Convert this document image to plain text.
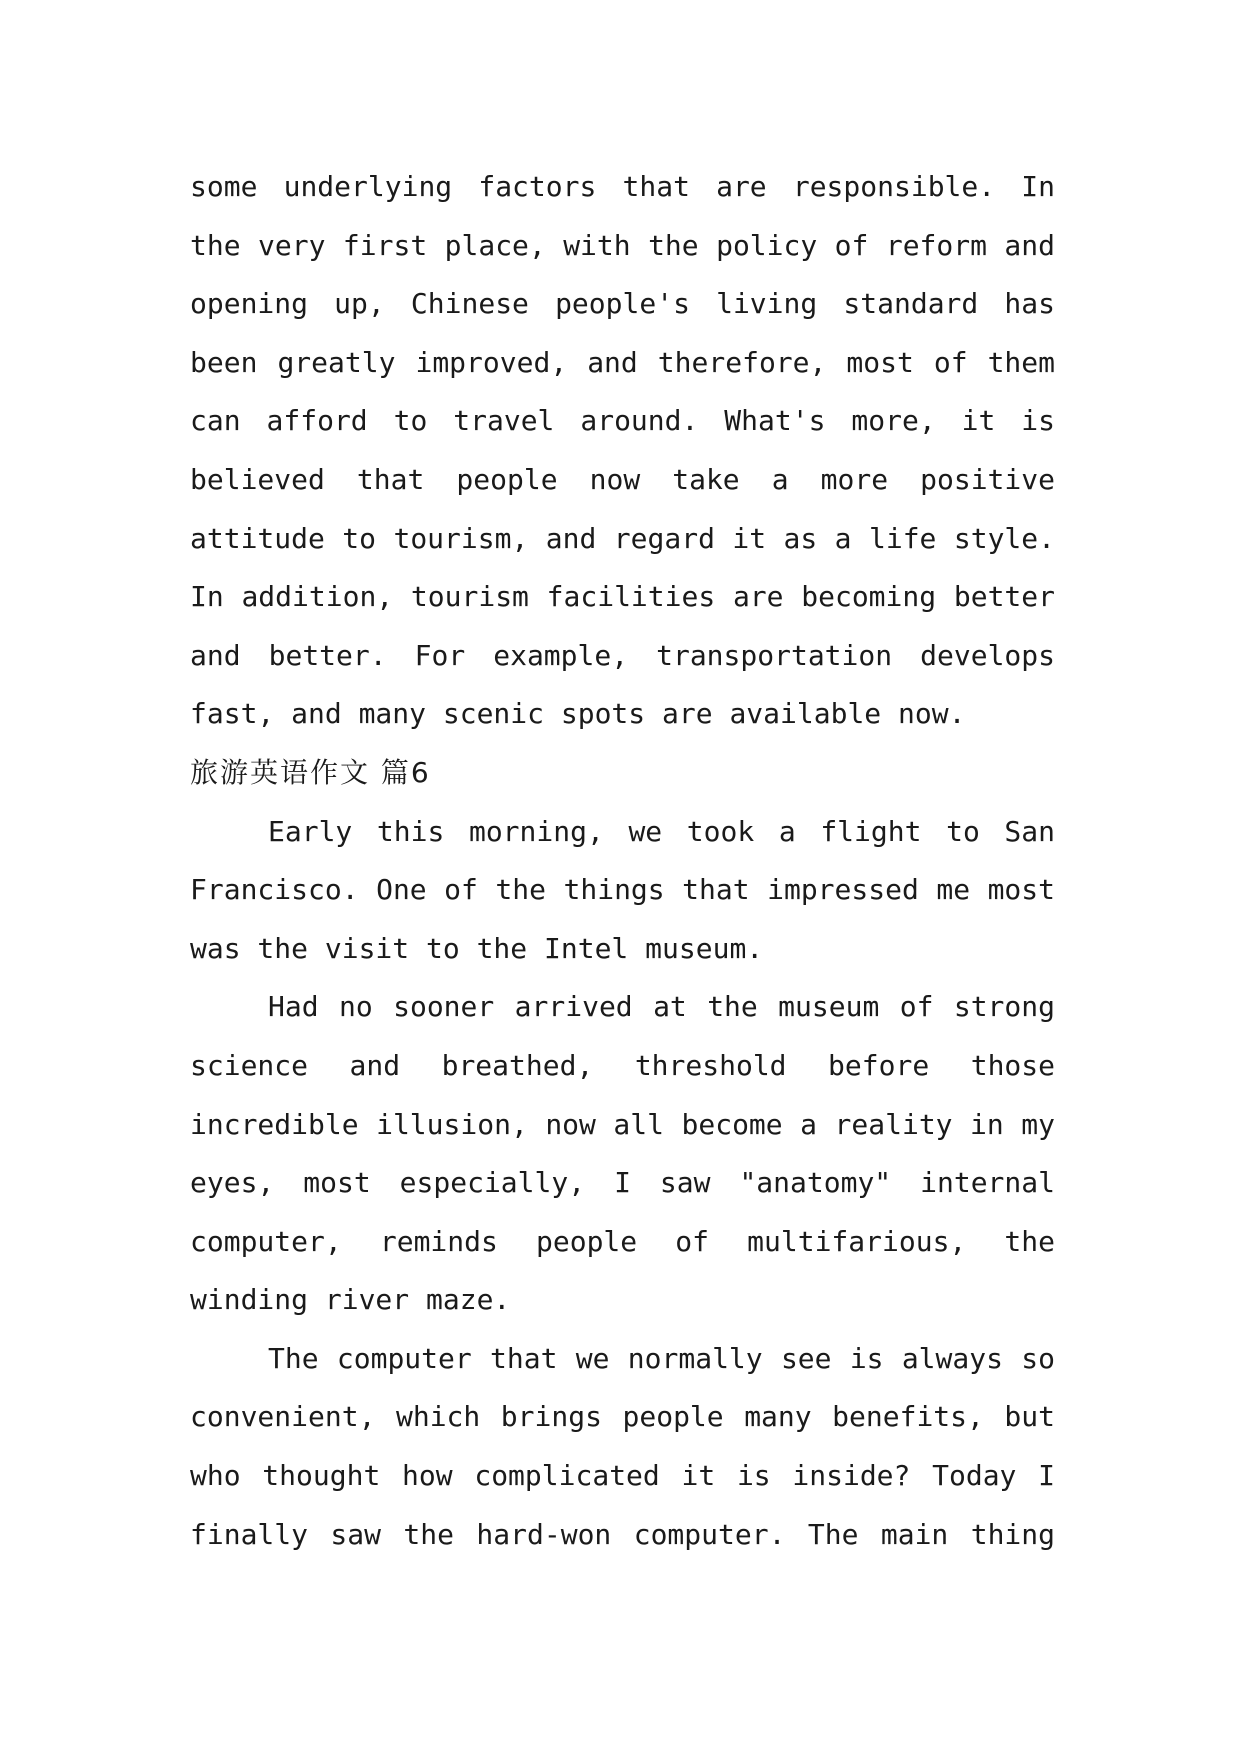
some underlying factors that are responsible. In
the very first place, with the policy of reform and
opening up, Chinese people's living standard has
been greatly improved, and therefore, most of them
can afford to travel around. What's more, it is
believed that people now take a more positive
attitude to tourism, and regard it as a life style.
In addition, tourism facilities are becoming better
and better. For example, transportation develops
fast, and many scenic spots are available now.
旅游英语作文 篇6
Early this morning, we took a flight to San
Francisco. One of the things that impressed me most
was the visit to the Intel museum.
Had no sooner arrived at the museum of strong
science and breathed, threshold before those
incredible illusion, now all become a reality in my
eyes, most especially, I saw "anatomy" internal
computer, reminds people of multifarious, the
winding river maze.
The computer that we normally see is always so
convenient, which brings people many benefits, but
who thought how complicated it is inside? Today I
finally saw the hard-won computer. The main thing
